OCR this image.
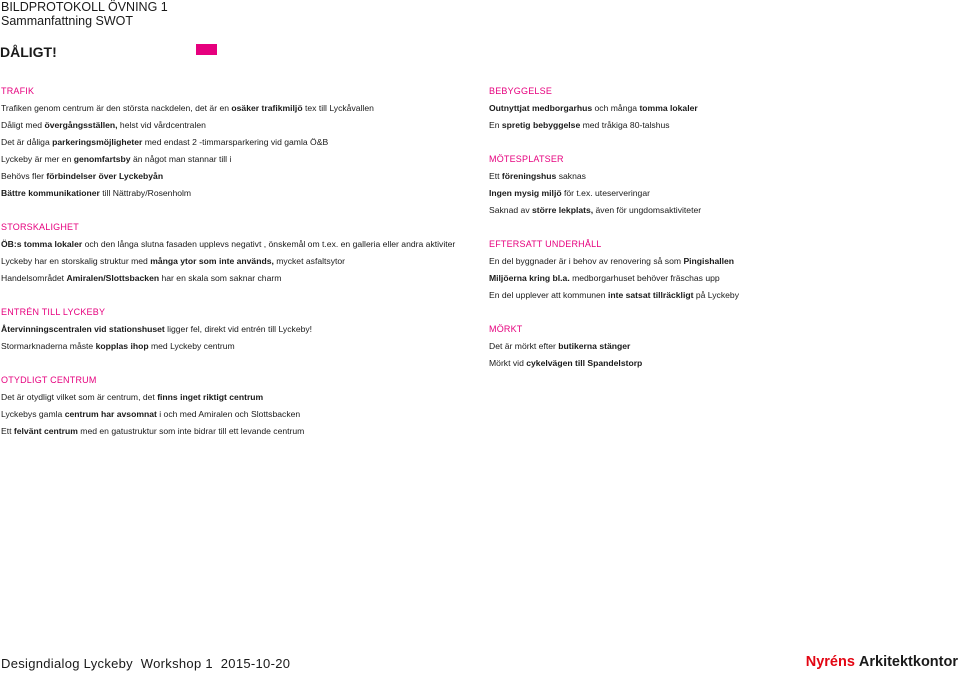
BILDPROTOKOLL ÖVNING 1
Sammanfattning SWOT
DÅLIGT!
TRAFIK
Trafiken genom centrum är den största nackdelen, det är en osäker trafikmiljö tex till Lyckåvallen
Dåligt med övergångsställen, helst vid vårdcentralen
Det är dåliga parkeringsmöjligheter med endast 2 -timmarsparkering vid gamla Ö&B
Lyckeby är mer en genomfartsby än något man stannar till i
Behövs fler förbindelser över Lyckebyån
Bättre kommunikationer till Nättraby/Rosenholm
STORSKALIGHET
ÖB:s tomma lokaler och den långa slutna fasaden upplevs negativt , önskemål om t.ex. en galleria eller andra aktiviter
Lyckeby har en storskalig struktur med många ytor som inte används, mycket asfaltsytor
Handelsområdet Amiralen/Slottsbacken har en skala som saknar charm
ENTRÉN TILL LYCKEBY
Återvinningscentralen vid stationshuset ligger fel, direkt vid entrén till Lyckeby!
Stormarknaderna måste kopplas ihop med Lyckeby centrum
OTYDLIGT CENTRUM
Det är otydligt vilket som är centrum, det finns inget riktigt centrum
Lyckebys gamla centrum har avsomnat i och med Amiralen och Slottsbacken
Ett felvänt centrum med en gatustruktur som inte bidrar till ett levande centrum
BEBYGGELSE
Outnyttjat medborgarhus och många tomma lokaler
En spretig bebyggelse med tråkiga 80-talshus
MÖTESPLATSER
Ett föreningshus saknas
Ingen mysig miljö för t.ex. uteserveringar
Saknad av större lekplats, även för ungdomsaktiviteter
EFTERSATT UNDERHÅLL
En del byggnader är i behov av renovering så som Pingishallen
Miljöerna kring bl.a. medborgarhuset behöver fräschas upp
En del upplever att kommunen inte satsat tillräckligt på Lyckeby
MÖRKT
Det är mörkt efter butikerna stänger
Mörkt vid cykelvägen till Spandelstorp
Designdialog Lyckeby  Workshop 1  2015-10-20	Nyréns Arkitektkontor
